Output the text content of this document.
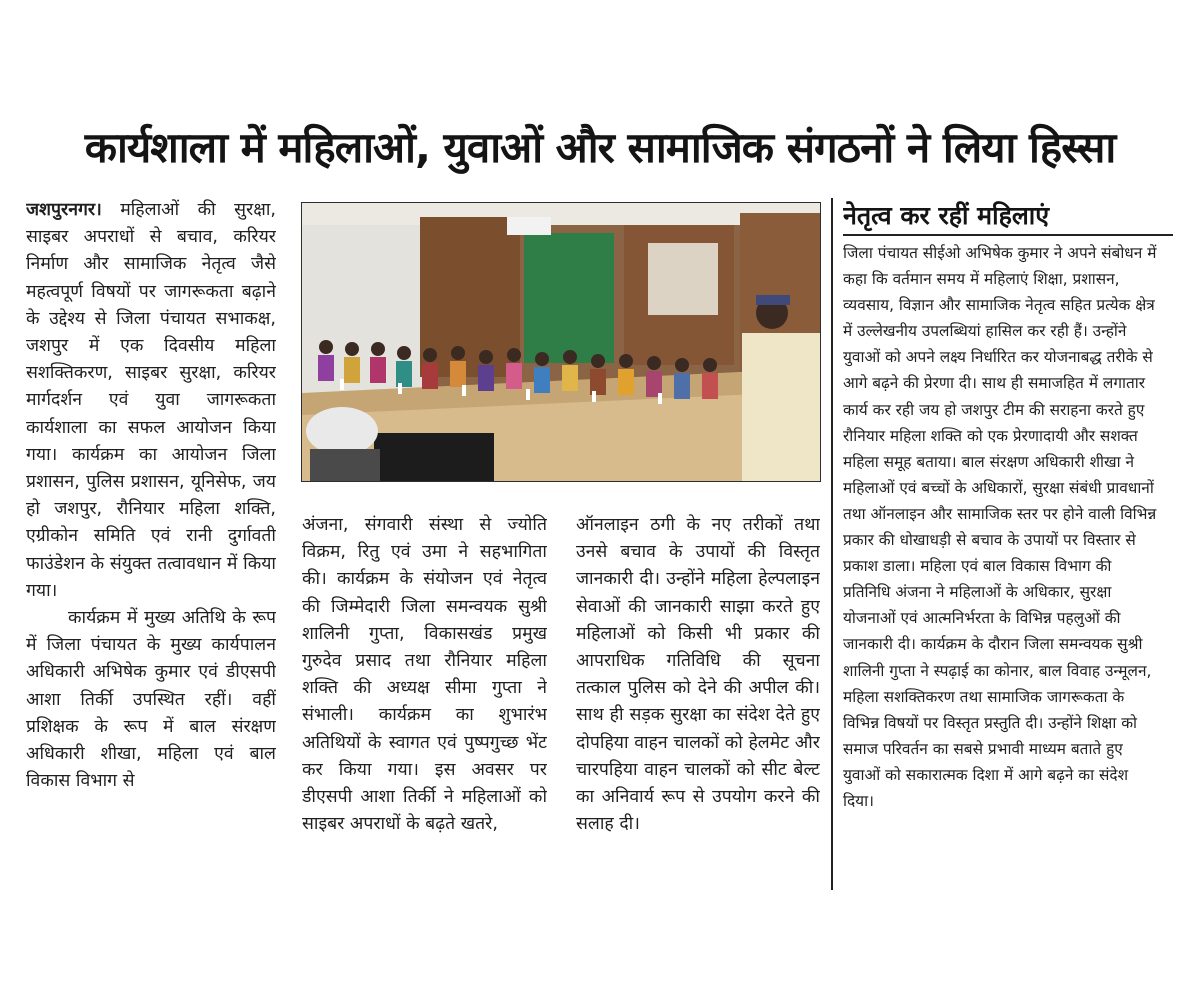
कार्यशाला में महिलाओं, युवाओं और सामाजिक संगठनों ने लिया हिस्सा

जशपुरनगर। महिलाओं की सुरक्षा, साइबर अपराधों से बचाव, करियर निर्माण और सामाजिक नेतृत्व जैसे महत्वपूर्ण विषयों पर जागरूकता बढ़ाने के उद्देश्य से जिला पंचायत सभाकक्ष, जशपुर में एक दिवसीय महिला सशक्तिकरण, साइबर सुरक्षा, करियर मार्गदर्शन एवं युवा जागरूकता कार्यशाला का सफल आयोजन किया गया। कार्यक्रम का आयोजन जिला प्रशासन, पुलिस प्रशासन, यूनिसेफ, जय हो जशपुर, रौनियार महिला शक्ति, एग्रीकोन समिति एवं रानी दुर्गावती फाउंडेशन के संयुक्त तत्वावधान में किया गया।

कार्यक्रम में मुख्य अतिथि के रूप में जिला पंचायत के मुख्य कार्यपालन अधिकारी अभिषेक कुमार एवं डीएसपी आशा तिर्की उपस्थित रहीं। वहीं प्रशिक्षक के रूप में बाल संरक्षण अधिकारी शीखा, महिला एवं बाल विकास विभाग से

अंजना, संगवारी संस्था से ज्योति विक्रम, रितु एवं उमा ने सहभागिता की। कार्यक्रम के संयोजन एवं नेतृत्व की जिम्मेदारी जिला समन्वयक सुश्री शालिनी गुप्ता, विकासखंड प्रमुख गुरुदेव प्रसाद तथा रौनियार महिला शक्ति की अध्यक्ष सीमा गुप्ता ने संभाली। कार्यक्रम का शुभारंभ अतिथियों के स्वागत एवं पुष्पगुच्छ भेंट कर किया गया। इस अवसर पर डीएसपी आशा तिर्की ने महिलाओं को साइबर अपराधों के बढ़ते खतरे,

ऑनलाइन ठगी के नए तरीकों तथा उनसे बचाव के उपायों की विस्तृत जानकारी दी। उन्होंने महिला हेल्पलाइन सेवाओं की जानकारी साझा करते हुए महिलाओं को किसी भी प्रकार की आपराधिक गतिविधि की सूचना तत्काल पुलिस को देने की अपील की। साथ ही सड़क सुरक्षा का संदेश देते हुए दोपहिया वाहन चालकों को हेलमेट और चारपहिया वाहन चालकों को सीट बेल्ट का अनिवार्य रूप से उपयोग करने की सलाह दी।

नेतृत्व कर रहीं महिलाएं
जिला पंचायत सीईओ अभिषेक कुमार ने अपने संबोधन में कहा कि वर्तमान समय में महिलाएं शिक्षा, प्रशासन, व्यवसाय, विज्ञान और सामाजिक नेतृत्व सहित प्रत्येक क्षेत्र में उल्लेखनीय उपलब्धियां हासिल कर रही हैं। उन्होंने युवाओं को अपने लक्ष्य निर्धारित कर योजनाबद्ध तरीके से आगे बढ़ने की प्रेरणा दी। साथ ही समाजहित में लगातार कार्य कर रही जय हो जशपुर टीम की सराहना करते हुए रौनियार महिला शक्ति को एक प्रेरणादायी और सशक्त महिला समूह बताया। बाल संरक्षण अधिकारी शीखा ने महिलाओं एवं बच्चों के अधिकारों, सुरक्षा संबंधी प्रावधानों तथा ऑनलाइन और सामाजिक स्तर पर होने वाली विभिन्न प्रकार की धोखाधड़ी से बचाव के उपायों पर विस्तार से प्रकाश डाला। महिला एवं बाल विकास विभाग की प्रतिनिधि अंजना ने महिलाओं के अधिकार, सुरक्षा योजनाओं एवं आत्मनिर्भरता के विभिन्न पहलुओं की जानकारी दी। कार्यक्रम के दौरान जिला समन्वयक सुश्री शालिनी गुप्ता ने स्पढ़ाई का कोनार, बाल विवाह उन्मूलन, महिला सशक्तिकरण तथा सामाजिक जागरूकता के विभिन्न विषयों पर विस्तृत प्रस्तुति दी। उन्होंने शिक्षा को समाज परिवर्तन का सबसे प्रभावी माध्यम बताते हुए युवाओं को सकारात्मक दिशा में आगे बढ़ने का संदेश दिया।
